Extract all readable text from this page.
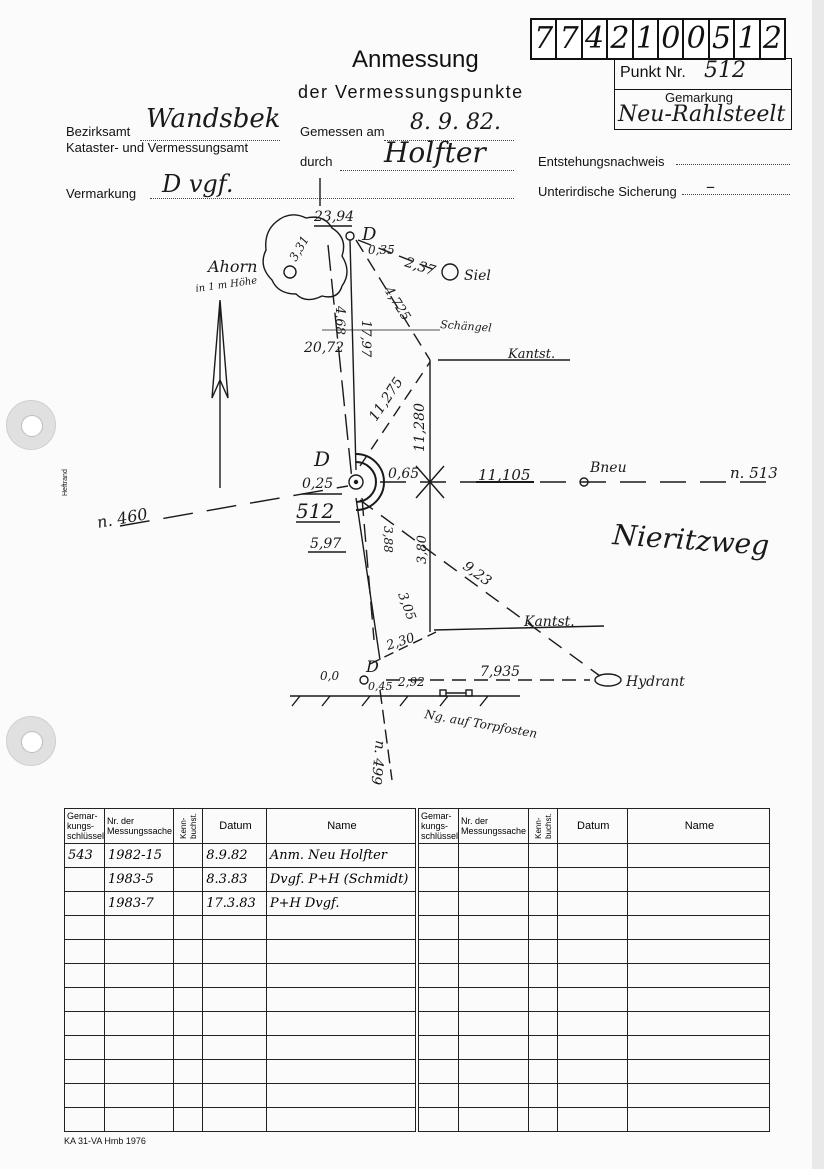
Heftrand
7 7 4 2 1 0 0 5 1 2
Anmessung
der Vermessungspunkte
Punkt Nr. 512
Gemarkung
Neu-Rahlsteelt
Bezirksamt Wandsbek
Kataster- und Vermessungsamt
Gemessen am 8. 9. 82.
durch Holfter	Entstehungsnachweis
Vermarkung D vgf.	Unterirdische Sicherung –
23,94
D
0,35
2,37 Siel
3,31
Ahorn
in 1 m Höhe
4,68	4,725
Schängel
20,72 17,97	Kantst.
11,275
11,280
D
0,25
512
0,65	11,105	Bneu	n. 513
n. 460
5,97	3,88 3,80
9,23
Nieritzweg
3,05	Kantst.
2,30
0,0 D
0,45 2,92
7,935
Hydrant
Ng. auf Torpfosten
n. 499
Gemar-kungs-schlüssel	Nr. der Messungssache	Kenn-buchst.	Datum	Name
543	1982-15		8.9.82	Anm. Neu Holfter
	1983-5		8.3.83	Dvgf. P+H (Schmidt)
	1983-7		17.3.83	P+H Dvgf.

Gemar-kungs-schlüssel	Nr. der Messungssache	Kenn-buchst.	Datum	Name

KA 31-VA Hmb 1976
